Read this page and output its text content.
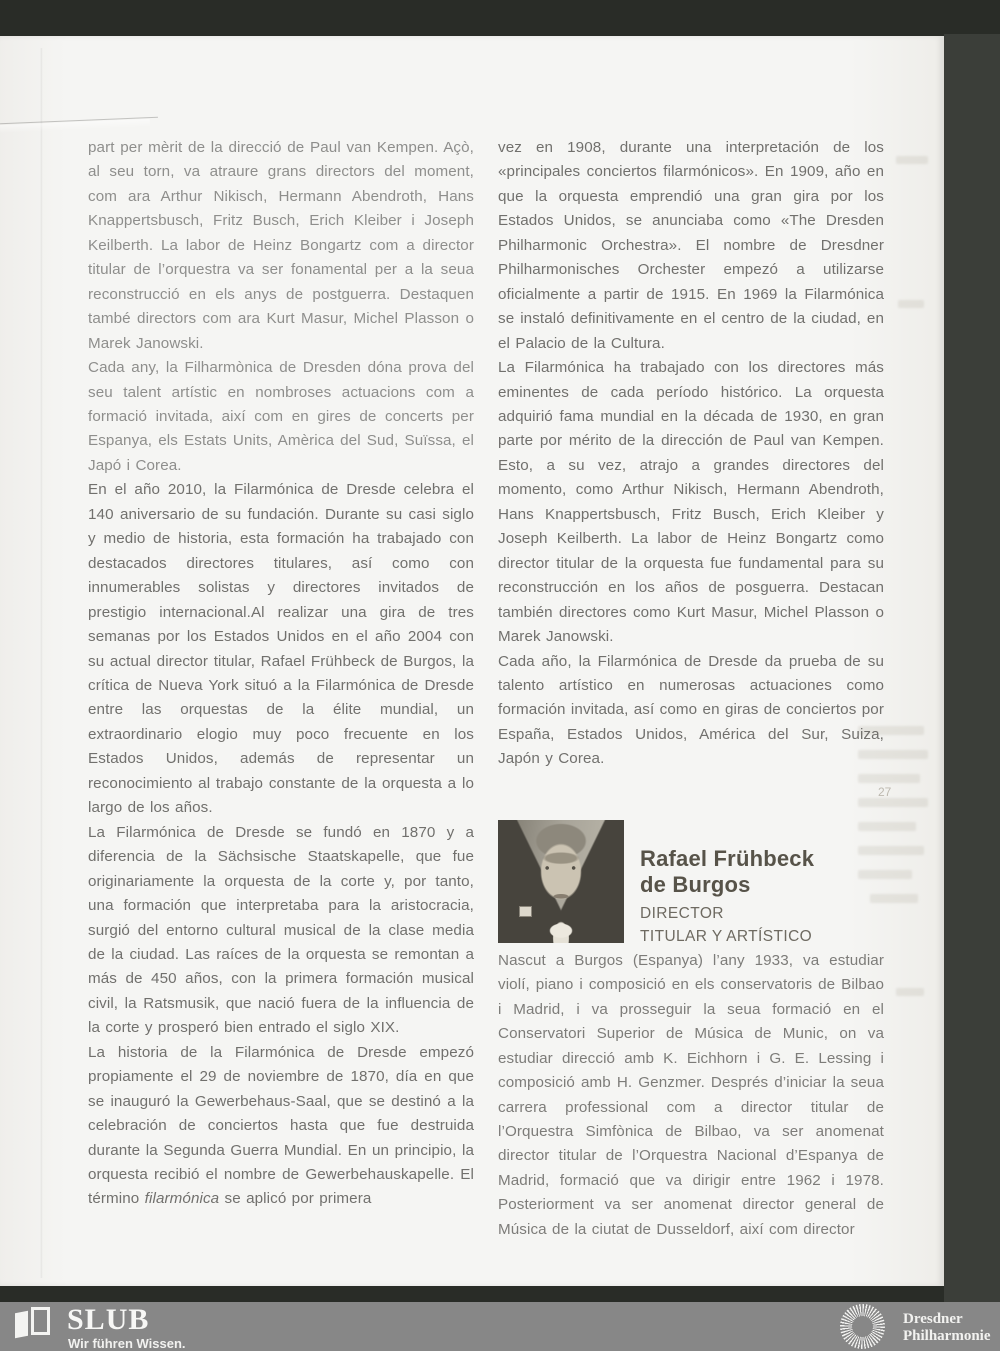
27

part per mèrit de la direcció de Paul van Kempen. Açò, al seu torn, va atraure grans directors del moment, com ara Arthur Nikisch, Hermann Abendroth, Hans Knappertsbusch, Fritz Busch, Erich Kleiber i Joseph Keilberth. La labor de Heinz Bongartz com a director titular de l’orquestra va ser fonamental per a la seua reconstrucció en els anys de postguerra. Destaquen també directors com ara Kurt Masur, Michel Plasson o Marek Janowski.

Cada any, la Filharmònica de Dresden dóna prova del seu talent artístic en nombroses actuacions com a formació invitada, així com en gires de concerts per Espanya, els Estats Units, Amèrica del Sud, Suïssa, el Japó i Corea.

En el año 2010, la Filarmónica de Dresde celebra el 140 aniversario de su fundación. Durante su casi siglo y medio de historia, esta formación ha trabajado con destacados directores titulares, así como con innumerables solistas y directores invitados de prestigio internacional.Al realizar una gira de tres semanas por los Estados Unidos en el año 2004 con su actual director titular, Rafael Frühbeck de Burgos, la crítica de Nueva York situó a la Filarmónica de Dresde entre las orquestas de la élite mundial, un extraordinario elogio muy poco frecuente en los Estados Unidos, además de representar un reconocimiento al trabajo constante de la orquesta a lo largo de los años.

La Filarmónica de Dresde se fundó en 1870 y a diferencia de la Sächsische Staatskapelle, que fue originariamente la orquesta de la corte y, por tanto, una formación que interpretaba para la aristocracia, surgió del entorno cultural musical de la clase media de la ciudad. Las raíces de la orquesta se remontan a más de 450 años, con la primera formación musical civil, la Ratsmusik, que nació fuera de la influencia de la corte y prosperó bien entrado el siglo XIX.

La historia de la Filarmónica de Dresde empezó propiamente el 29 de noviembre de 1870, día en que se inauguró la Gewerbehaus-Saal, que se destinó a la celebración de conciertos hasta que fue destruida durante la Segunda Guerra Mundial. En un principio, la orquesta recibió el nombre de Gewerbehauskapelle. El término filarmónica se aplicó por primera

vez en 1908, durante una interpretación de los «principales conciertos filarmónicos». En 1909, año en que la orquesta emprendió una gran gira por los Estados Unidos, se anunciaba como «The Dresden Philharmonic Orchestra». El nombre de Dresdner Philharmonisches Orchester empezó a utilizarse oficialmente a partir de 1915. En 1969 la Filarmónica se instaló definitivamente en el centro de la ciudad, en el Palacio de la Cultura.

La Filarmónica ha trabajado con los directores más eminentes de cada período histórico. La orquesta adquirió fama mundial en la década de 1930, en gran parte por mérito de la dirección de Paul van Kempen. Esto, a su vez, atrajo a grandes directores del momento, como Arthur Nikisch, Hermann Abendroth, Hans Knappertsbusch, Fritz Busch, Erich Kleiber y Joseph Keilberth. La labor de Heinz Bongartz como director titular de la orquesta fue fundamental para su reconstrucción en los años de posguerra. Destacan también directores como Kurt Masur, Michel Plasson o Marek Janowski.

Cada año, la Filarmónica de Dresde da prueba de su talento artístico en numerosas actuaciones como formación invitada, así como en giras de conciertos por España, Estados Unidos, América del Sur, Suiza, Japón y Corea.

Rafael Frühbeck
de Burgos
DIRECTOR
TITULAR Y ARTÍSTICO

Nascut a Burgos (Espanya) l’any 1933, va estudiar violí, piano i composició en els conservatoris de Bilbao i Madrid, i va prosseguir la seua formació en el Conservatori Superior de Música de Munic, on va estudiar direcció amb K. Eichhorn i G. E. Lessing i composició amb H. Genzmer. Després d’iniciar la seua carrera professional com a director titular de l’Orquestra Simfònica de Bilbao, va ser anomenat director titular de l’Orquestra Nacional d’Espanya de Madrid, formació que va dirigir entre 1962 i 1978. Posteriorment va ser anomenat director general de Música de la ciutat de Dusseldorf, així com director

SLUB
Wir führen Wissen.
Dresdner
Philharmonie
